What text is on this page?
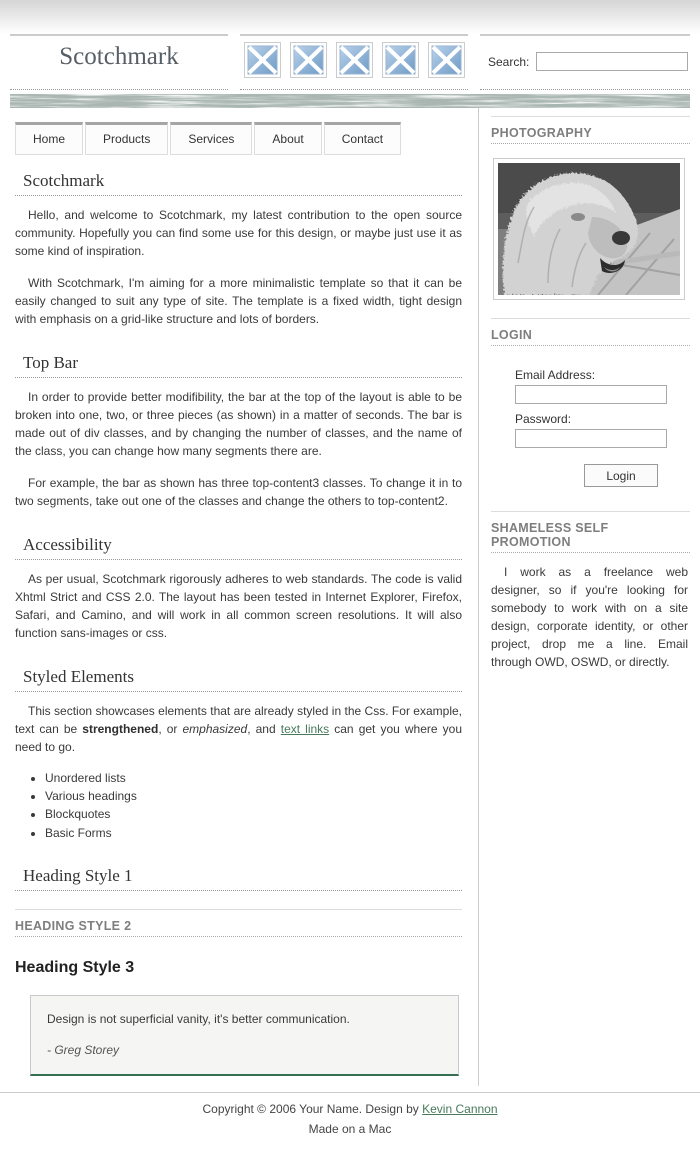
Scotchmark	Search:
Home	Products	Services	About	Contact
Scotchmark

Hello, and welcome to Scotchmark, my latest contribution to the open source community. Hopefully you can find some use for this design, or maybe just use it as some kind of inspiration.

With Scotchmark, I'm aiming for a more minimalistic template so that it can be easily changed to suit any type of site. The template is a fixed width, tight design with emphasis on a grid-like structure and lots of borders.

Top Bar

In order to provide better modifibility, the bar at the top of the layout is able to be broken into one, two, or three pieces (as shown) in a matter of seconds. The bar is made out of div classes, and by changing the number of classes, and the name of the class, you can change how many segments there are.

For example, the bar as shown has three top-content3 classes. To change it in to two segments, take out one of the classes and change the others to top-content2.

Accessibility

As per usual, Scotchmark rigorously adheres to web standards. The code is valid Xhtml Strict and CSS 2.0. The layout has been tested in Internet Explorer, Firefox, Safari, and Camino, and will work in all common screen resolutions. It will also function sans-images or css.

Styled Elements

This section showcases elements that are already styled in the Css. For example, text can be strengthened, or emphasized, and text links can get you where you need to go.

• Unordered lists
• Various headings
• Blockquotes
• Basic Forms
Heading Style 1
HEADING STYLE 2
Heading Style 3

Design is not superficial vanity, it's better communication.

- Greg Storey

PHOTOGRAPHY
LOGIN
Email Address:
Password:
Login
SHAMELESS SELF PROMOTION

I work as a freelance web designer, so if you're looking for somebody to work with on a site design, corporate identity, or other project, drop me a line. Email through OWD, OSWD, or directly.

Copyright © 2006 Your Name. Design by Kevin Cannon
Made on a Mac
